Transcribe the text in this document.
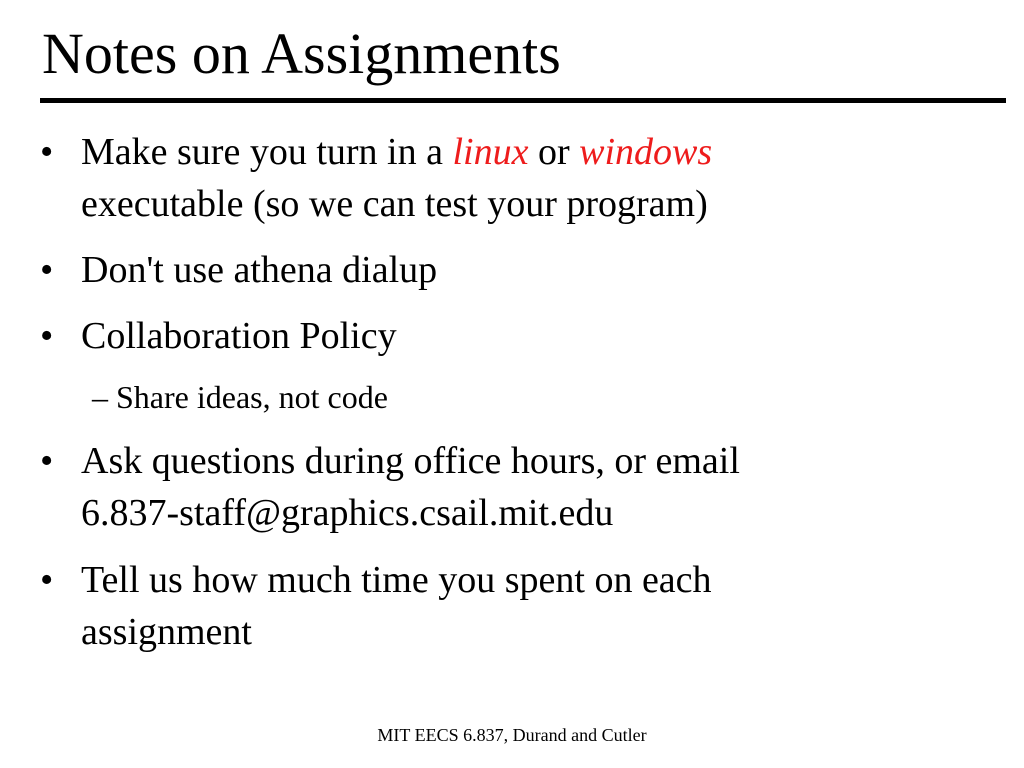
Notes on Assignments
• Make sure you turn in a linux or windows
executable (so we can test your program)
• Don't use athena dialup
• Collaboration Policy
– Share ideas, not code
• Ask questions during office hours, or email
6.837-staff@graphics.csail.mit.edu
• Tell us how much time you spent on each
assignment
MIT EECS 6.837, Durand and Cutler
